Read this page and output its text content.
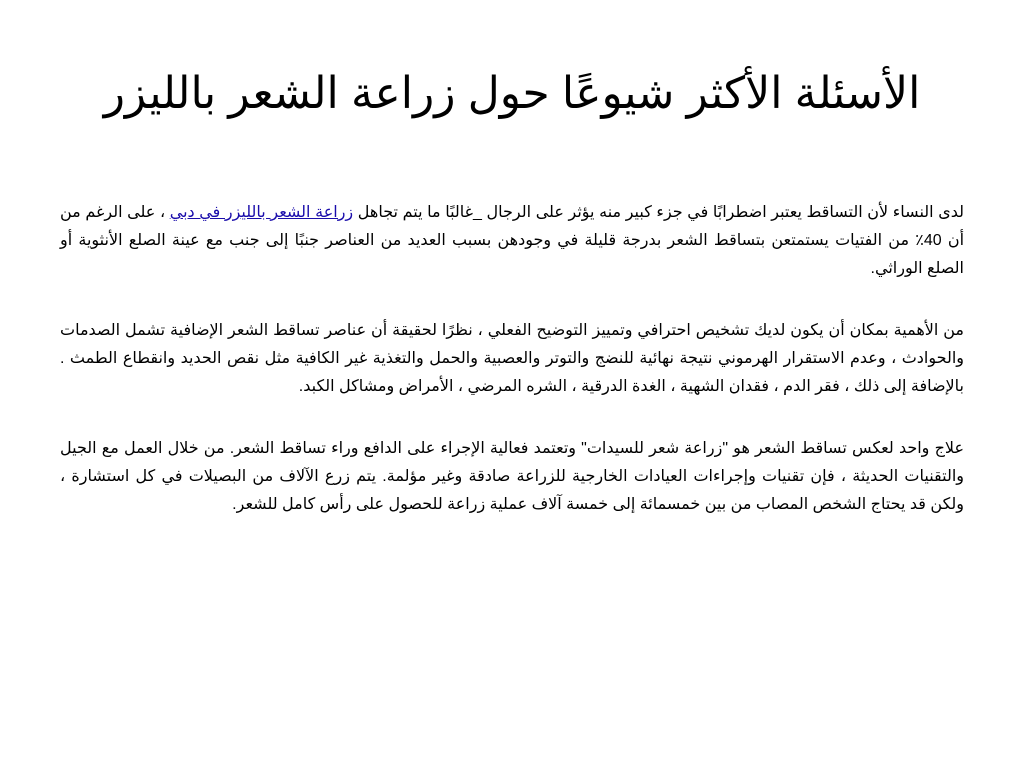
الأسئلة الأكثر شيوعًا حول زراعة الشعر بالليزر

لدى النساء لأن التساقط يعتبر اضطرابًا في جزء كبير منه يؤثر على الرجال _غالبًا ما يتم تجاهل زراعة الشعر بالليزر في دبي ، على الرغم من أن 40٪ من الفتيات يستمتعن بتساقط الشعر بدرجة قليلة في وجودهن بسبب العديد من العناصر جنبًا إلى جنب مع عينة الصلع الأنثوية أو الصلع الوراثي.

من الأهمية بمكان أن يكون لديك تشخيص احترافي وتمييز التوضيح الفعلي ، نظرًا لحقيقة أن عناصر تساقط الشعر الإضافية تشمل الصدمات والحوادث ، وعدم الاستقرار الهرموني نتيجة نهائية للنضج والتوتر والعصبية والحمل والتغذية غير الكافية مثل نقص الحديد وانقطاع الطمث . بالإضافة إلى ذلك ، فقر الدم ، فقدان الشهية ، الغدة الدرقية ، الشره المرضي ، الأمراض ومشاكل الكبد.

علاج واحد لعكس تساقط الشعر هو "زراعة شعر للسيدات" وتعتمد فعالية الإجراء على الدافع وراء تساقط الشعر. من خلال العمل مع الجيل والتقنيات الحديثة ، فإن تقنيات وإجراءات العيادات الخارجية للزراعة صادقة وغير مؤلمة. يتم زرع الآلاف من البصيلات في كل استشارة ، ولكن قد يحتاج الشخص المصاب من بين خمسمائة إلى خمسة آلاف عملية زراعة للحصول على رأس كامل للشعر.
